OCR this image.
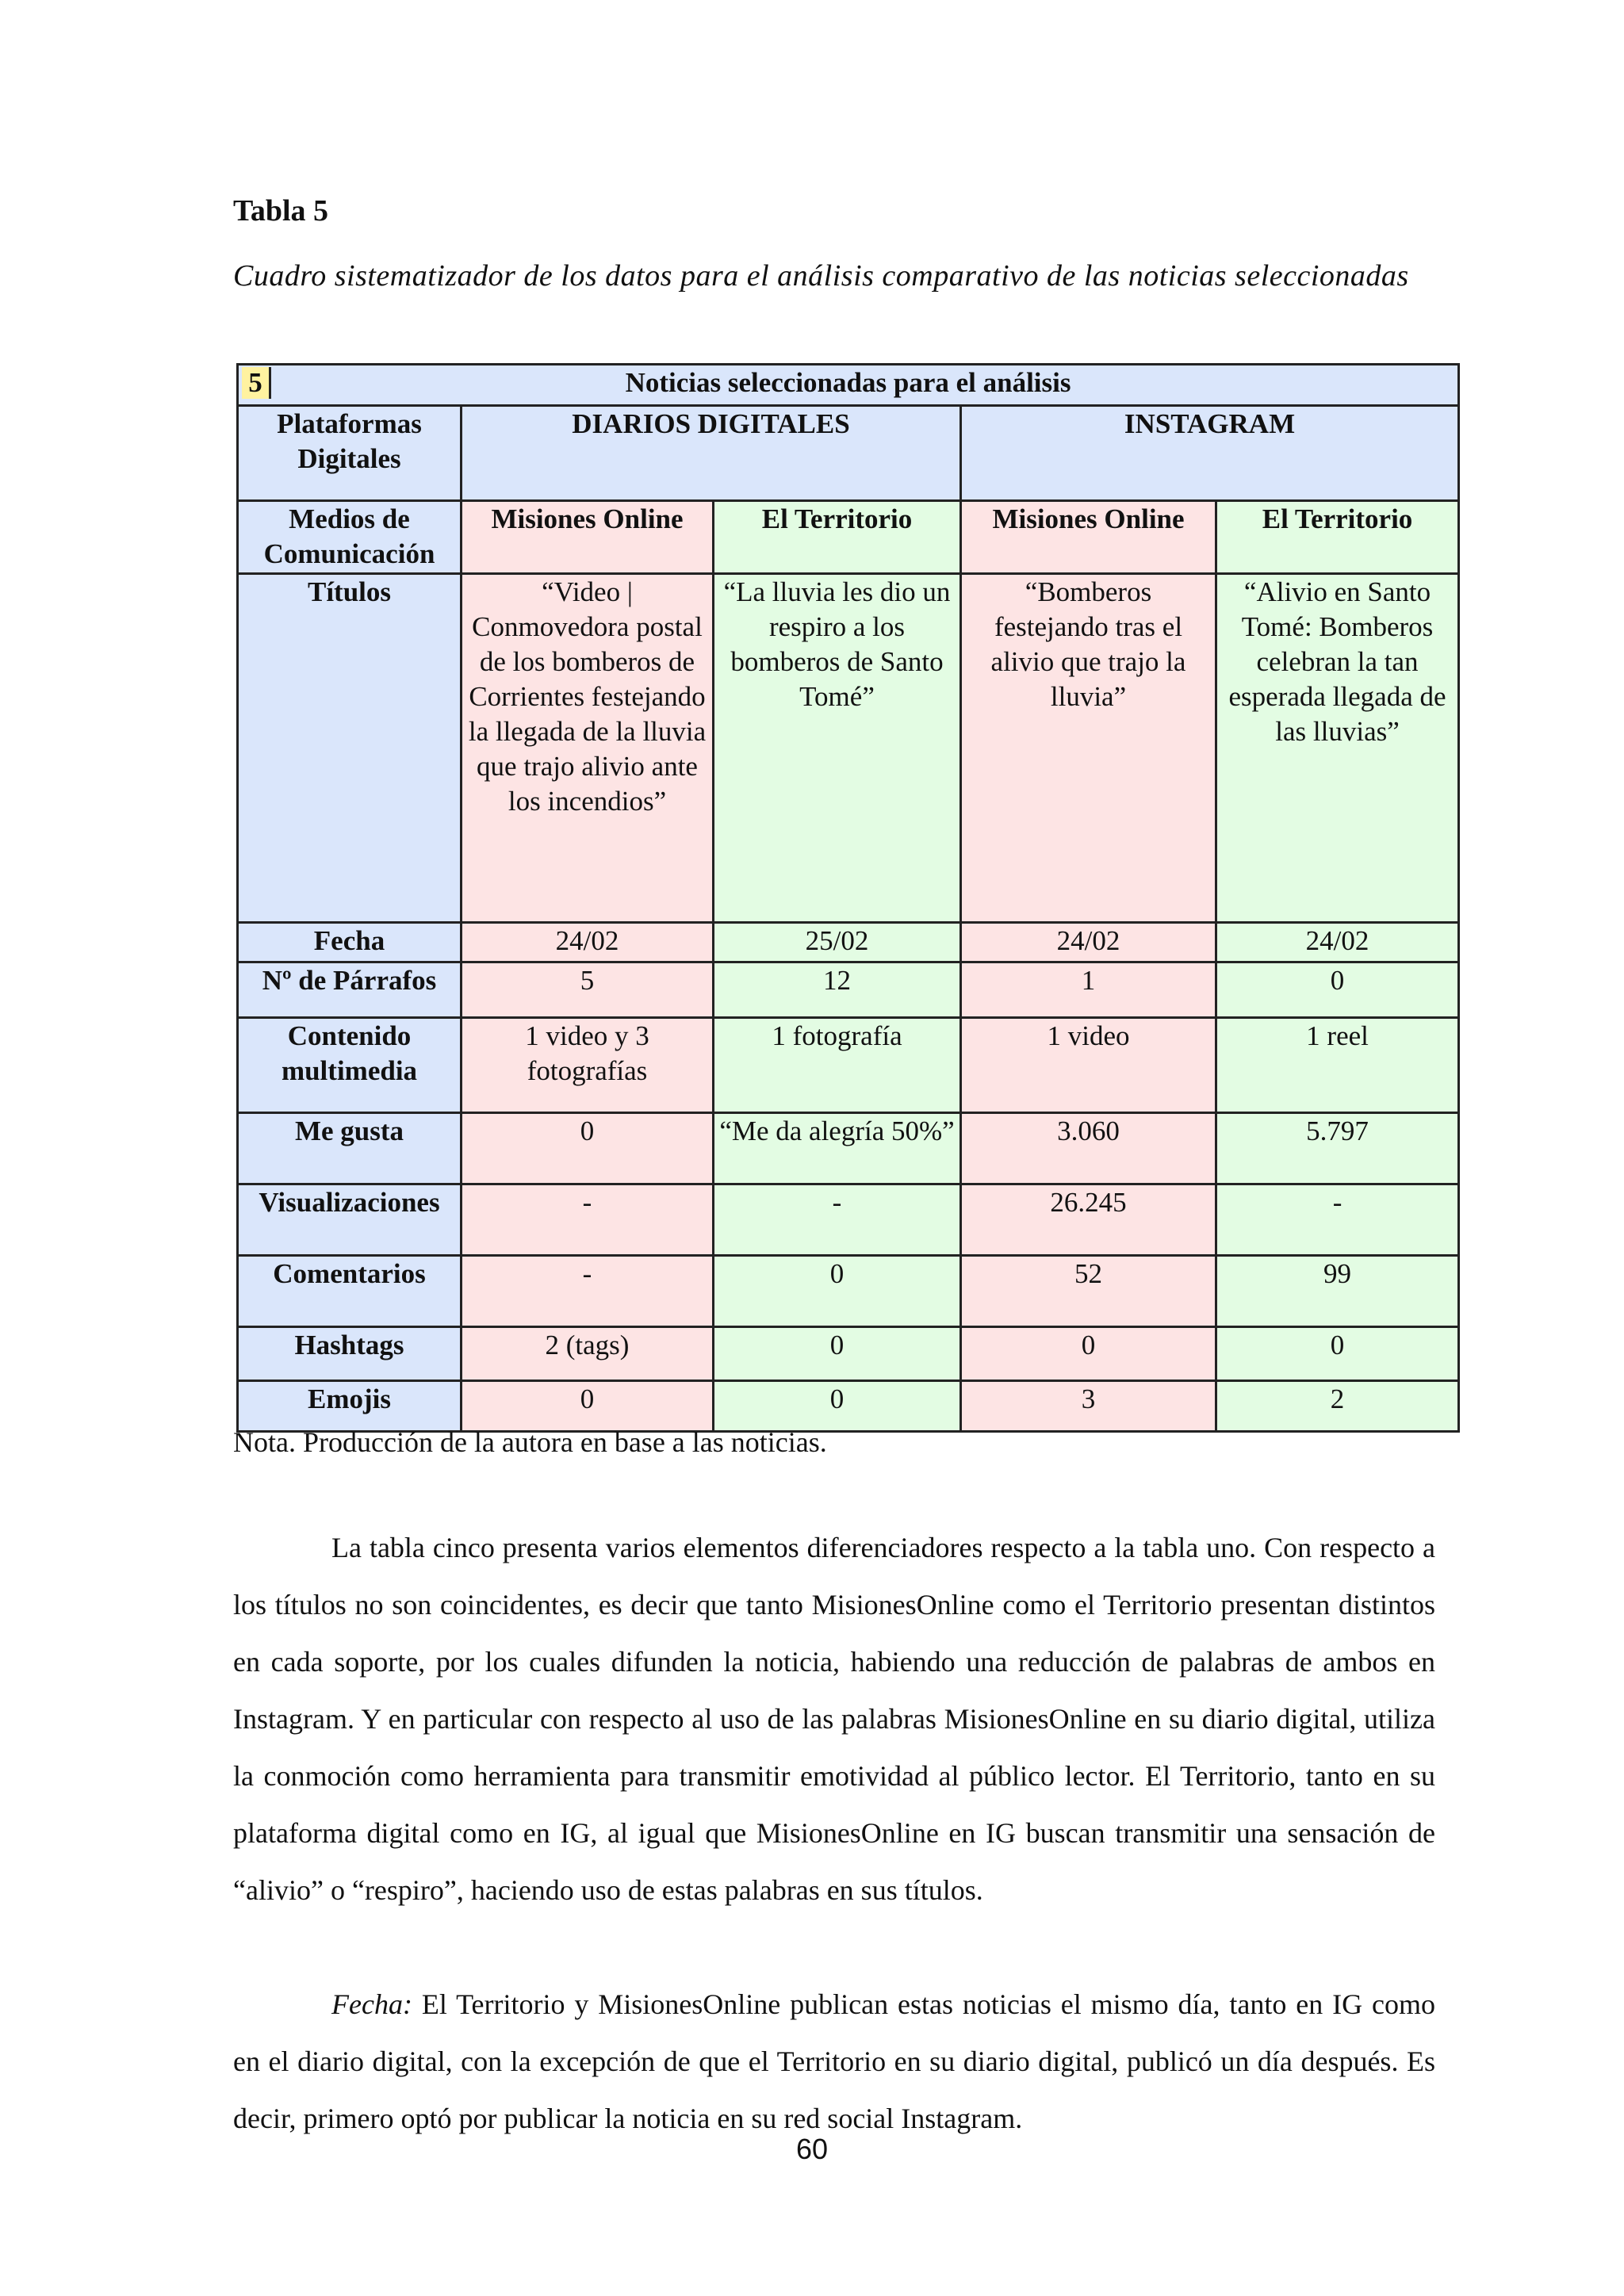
Tabla 5
Cuadro sistematizador de los datos para el análisis comparativo de las noticias seleccionadas
5 Noticias seleccionadas para el análisis				
Plataformas Digitales	DIARIOS DIGITALES		INSTAGRAM	
Medios de Comunicación	Misiones Online	El Territorio	Misiones Online	El Territorio
Títulos	“Video | Conmovedora postal de los bomberos de Corrientes festejando la llegada de la lluvia que trajo alivio ante los incendios”	“La lluvia les dio un respiro a los bomberos de Santo Tomé”	“Bomberos festejando tras el alivio que trajo la lluvia”	“Alivio en Santo Tomé: Bomberos celebran la tan esperada llegada de las lluvias”
Fecha	24/02	25/02	24/02	24/02
Nº de Párrafos	5	12	1	0
Contenido multimedia	1 video y 3 fotografías	1 fotografía	1 video	1 reel
Me gusta	0	“Me da alegría 50%”	3.060	5.797
Visualizaciones	-	-	26.245	-
Comentarios	-	0	52	99
Hashtags	2 (tags)	0	0	0
Emojis	0	0	3	2
Nota. Producción de la autora en base a las noticias.

La tabla cinco presenta varios elementos diferenciadores respecto a la tabla uno. Con respecto a los títulos no son coincidentes, es decir que tanto MisionesOnline como el Territorio presentan distintos en cada soporte, por los cuales difunden la noticia, habiendo una reducción de palabras de ambos en Instagram. Y en particular con respecto al uso de las palabras MisionesOnline en su diario digital, utiliza la conmoción como herramienta para transmitir emotividad al público lector. El Territorio, tanto en su plataforma digital como en IG, al igual que MisionesOnline en IG buscan transmitir una sensación de “alivio” o “respiro”, haciendo uso de estas palabras en sus títulos.

Fecha: El Territorio y MisionesOnline publican estas noticias el mismo día, tanto en IG como en el diario digital, con la excepción de que el Territorio en su diario digital, publicó un día después. Es decir, primero optó por publicar la noticia en su red social Instagram.

60
